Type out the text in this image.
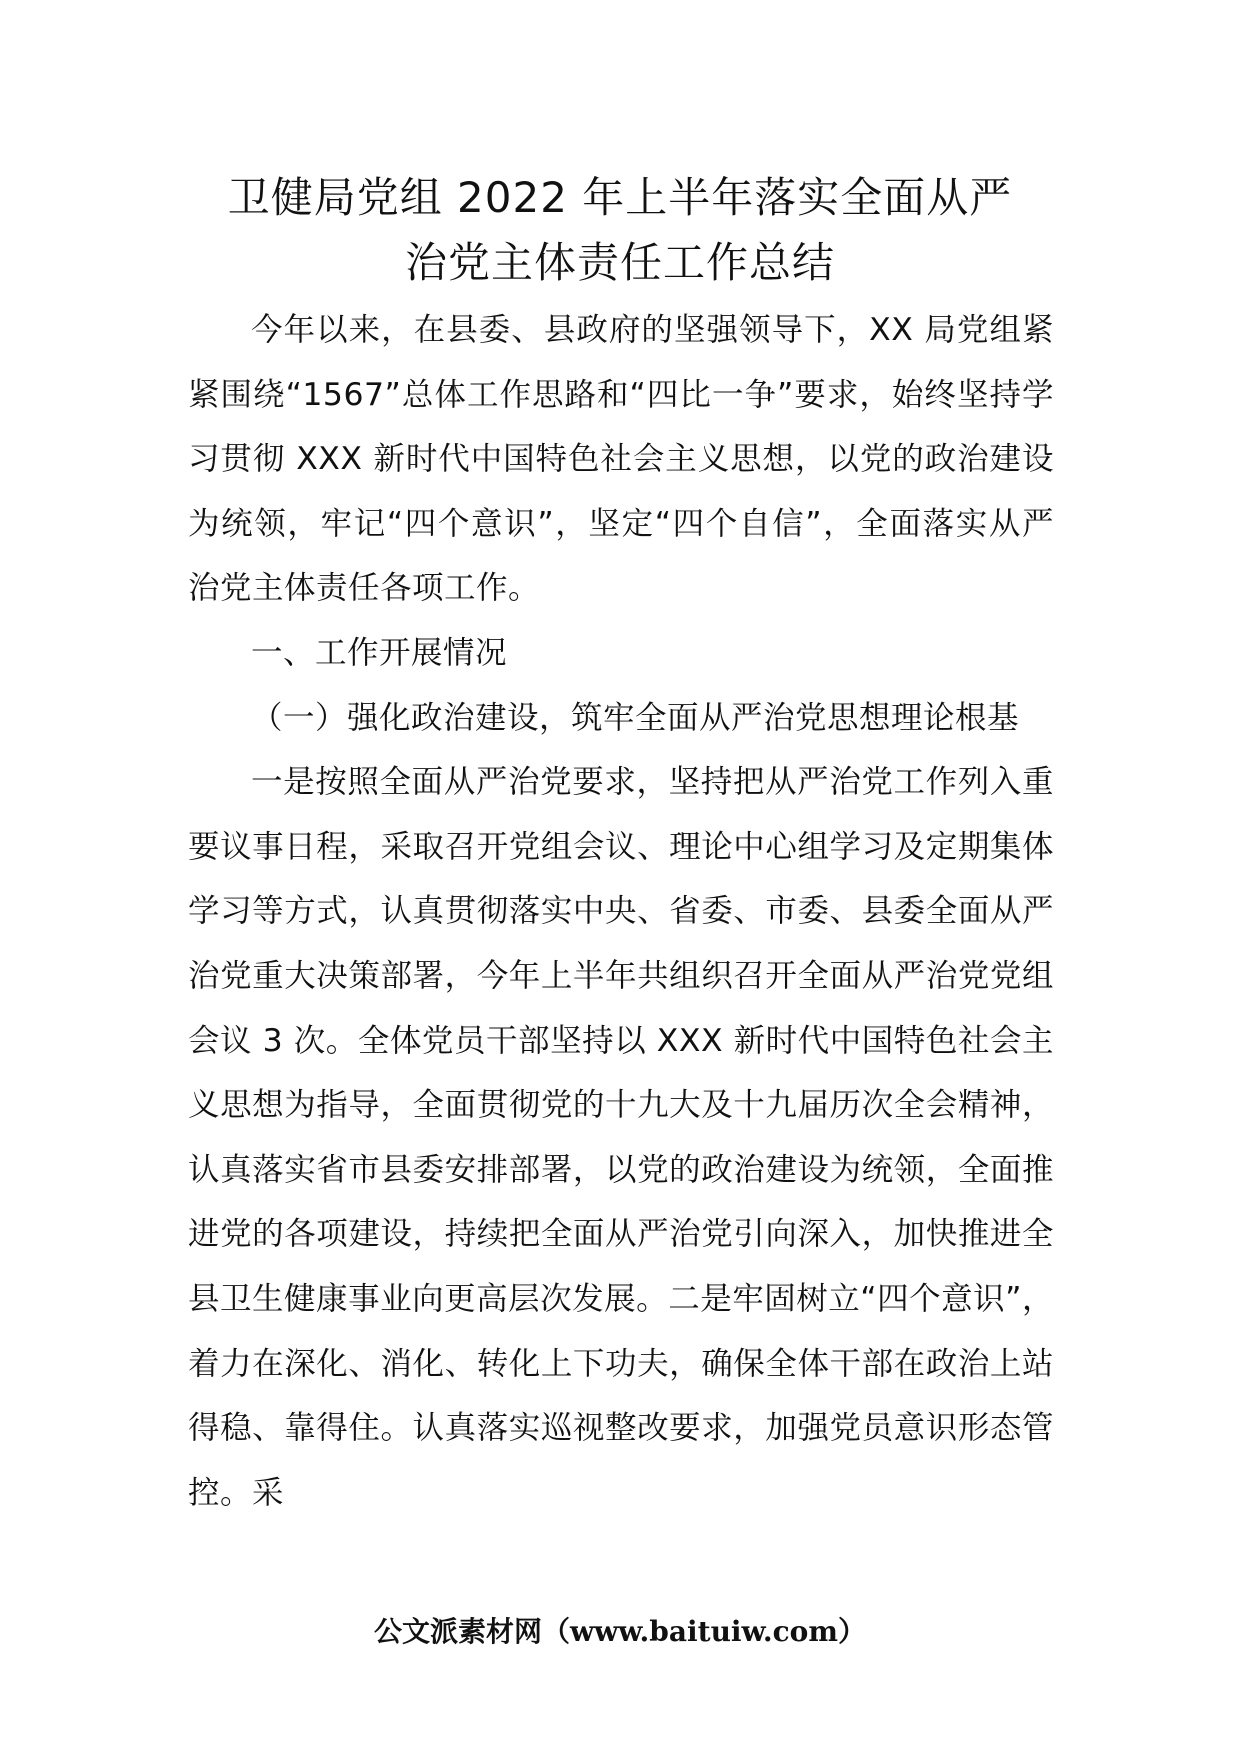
卫健局党组 2022 年上半年落实全面从严
治党主体责任工作总结

今年以来，在县委、县政府的坚强领导下，XX 局党组紧紧围绕“1567”总体工作思路和“四比一争”要求，始终坚持学习贯彻 XXX 新时代中国特色社会主义思想，以党的政治建设为统领，牢记“四个意识”，坚定“四个自信”，全面落实从严治党主体责任各项工作。

一、工作开展情况

（一）强化政治建设，筑牢全面从严治党思想理论根基

一是按照全面从严治党要求，坚持把从严治党工作列入重要议事日程，采取召开党组会议、理论中心组学习及定期集体学习等方式，认真贯彻落实中央、省委、市委、县委全面从严治党重大决策部署，今年上半年共组织召开全面从严治党党组会议 3 次。全体党员干部坚持以 XXX 新时代中国特色社会主义思想为指导，全面贯彻党的十九大及十九届历次全会精神，认真落实省市县委安排部署，以党的政治建设为统领，全面推进党的各项建设，持续把全面从严治党引向深入，加快推进全县卫生健康事业向更高层次发展。二是牢固树立“四个意识”，着力在深化、消化、转化上下功夫，确保全体干部在政治上站得稳、靠得住。认真落实巡视整改要求，加强党员意识形态管控。采

公文派素材网（www.baituiw.com）
